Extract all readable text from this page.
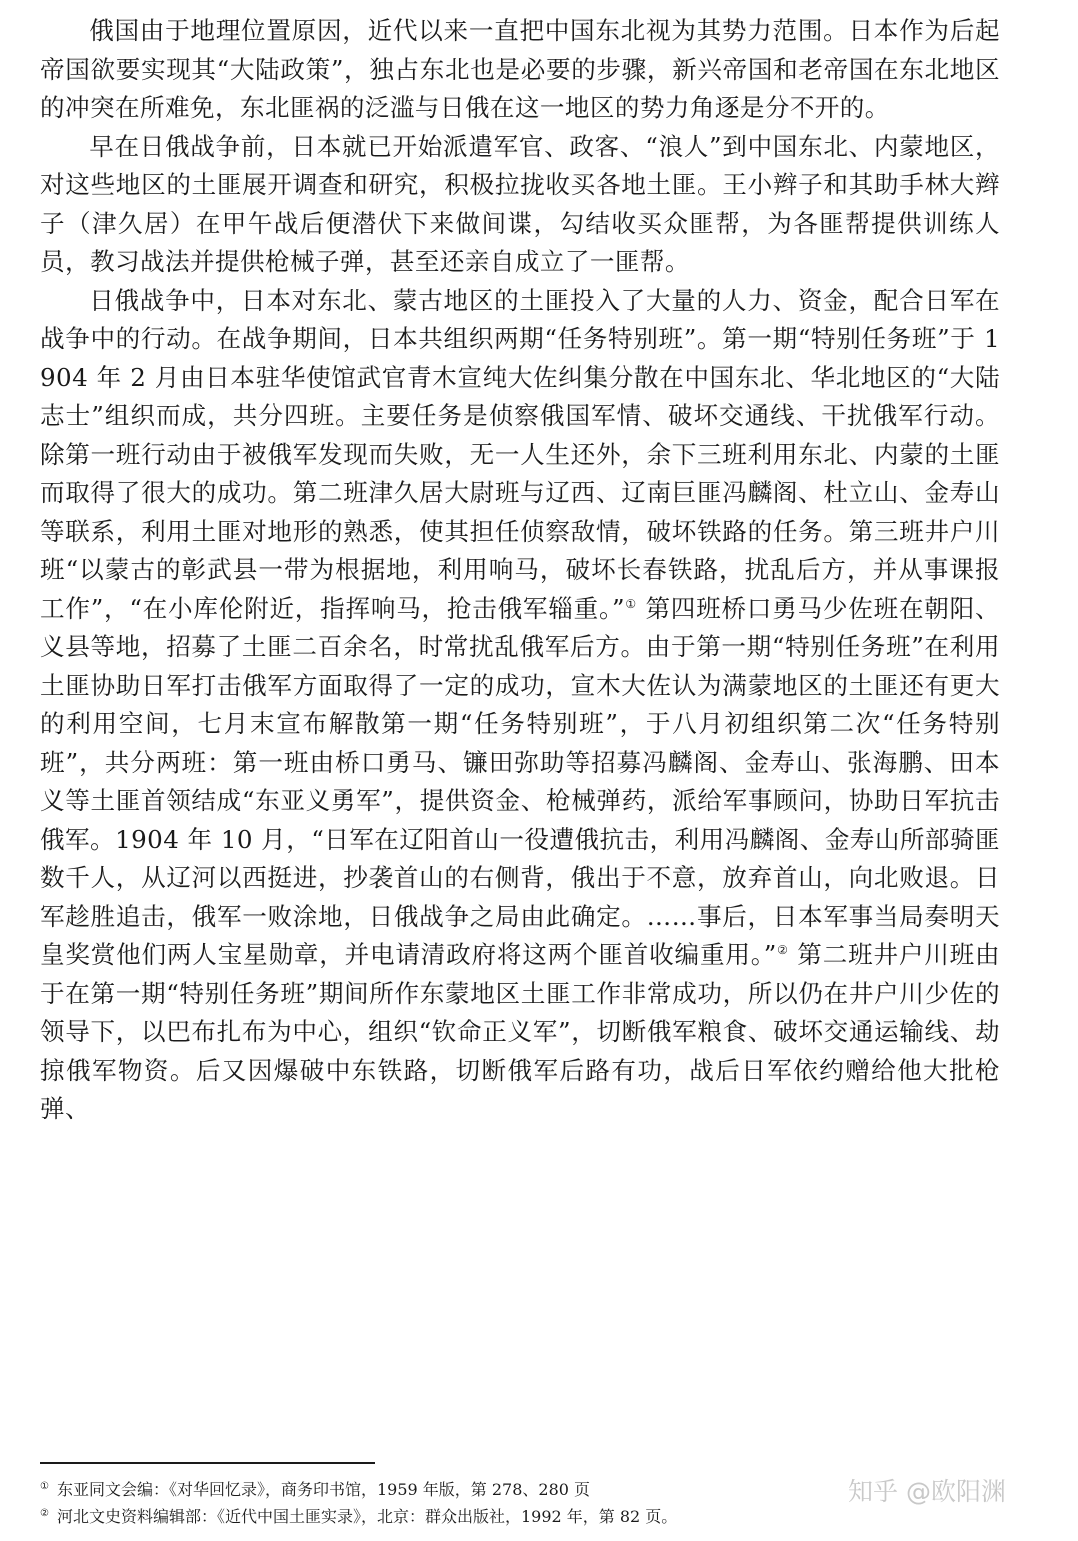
俄国由于地理位置原因，近代以来一直把中国东北视为其势力范围。日本作为后起帝国欲要实现其“大陆政策”，独占东北也是必要的步骤，新兴帝国和老帝国在东北地区的冲突在所难免，东北匪祸的泛滥与日俄在这一地区的势力角逐是分不开的。

早在日俄战争前，日本就已开始派遣军官、政客、“浪人”到中国东北、内蒙地区，对这些地区的土匪展开调查和研究，积极拉拢收买各地土匪。王小辫子和其助手林大辫子（津久居）在甲午战后便潜伏下来做间谍，勾结收买众匪帮，为各匪帮提供训练人员，教习战法并提供枪械子弹，甚至还亲自成立了一匪帮。

日俄战争中，日本对东北、蒙古地区的土匪投入了大量的人力、资金，配合日军在战争中的行动。在战争期间，日本共组织两期“任务特别班”。第一期“特别任务班”于 1904 年 2 月由日本驻华使馆武官青木宣纯大佐纠集分散在中国东北、华北地区的“大陆志士”组织而成，共分四班。主要任务是侦察俄国军情、破坏交通线、干扰俄军行动。除第一班行动由于被俄军发现而失败，无一人生还外，余下三班利用东北、内蒙的土匪而取得了很大的成功。第二班津久居大尉班与辽西、辽南巨匪冯麟阁、杜立山、金寿山等联系，利用土匪对地形的熟悉，使其担任侦察敌情，破坏铁路的任务。第三班井户川班“以蒙古的彰武县一带为根据地，利用响马，破坏长春铁路，扰乱后方，并从事课报工作”，“在小库伦附近，指挥响马，抢击俄军辎重。”① 第四班桥口勇马少佐班在朝阳、义县等地，招募了土匪二百余名，时常扰乱俄军后方。由于第一期“特别任务班”在利用土匪协助日军打击俄军方面取得了一定的成功，宣木大佐认为满蒙地区的土匪还有更大的利用空间，七月末宣布解散第一期“任务特别班”，于八月初组织第二次“任务特别班”，共分两班：第一班由桥口勇马、镰田弥助等招募冯麟阁、金寿山、张海鹏、田本义等土匪首领结成“东亚义勇军”，提供资金、枪械弹药，派给军事顾问，协助日军抗击俄军。1904 年 10 月，“日军在辽阳首山一役遭俄抗击，利用冯麟阁、金寿山所部骑匪数千人，从辽河以西挺进，抄袭首山的右侧背，俄出于不意，放弃首山，向北败退。日军趁胜追击，俄军一败涂地，日俄战争之局由此确定。……事后，日本军事当局奏明天皇奖赏他们两人宝星勋章，并电请清政府将这两个匪首收编重用。”② 第二班井户川班由于在第一期“特别任务班”期间所作东蒙地区土匪工作非常成功，所以仍在井户川少佐的领导下，以巴布扎布为中心，组织“钦命正义军”，切断俄军粮食、破坏交通运输线、劫掠俄军物资。后又因爆破中东铁路，切断俄军后路有功，战后日军依约赠给他大批枪弹、

① 东亚同文会编：《对华回忆录》，商务印书馆，1959 年版，第 278、280 页
② 河北文史资料编辑部：《近代中国土匪实录》，北京：群众出版社，1992 年，第 82 页。
知乎 @欧阳渊
